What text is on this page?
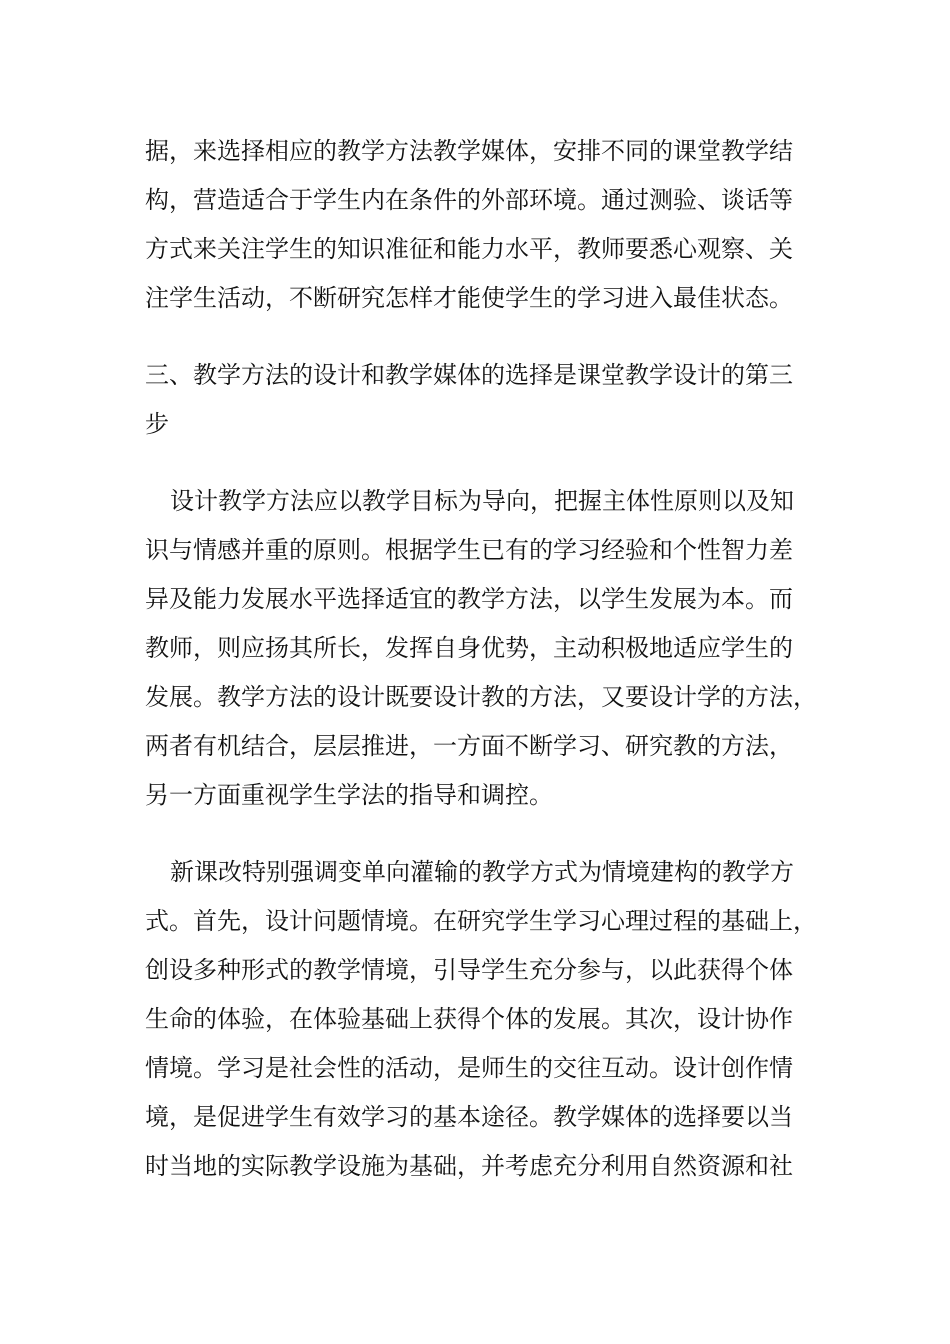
据，来选择相应的教学方法教学媒体，安排不同的课堂教学结
构，营造适合于学生内在条件的外部环境。通过测验、谈话等
方式来关注学生的知识准征和能力水平，教师要悉心观察、关
注学生活动，不断研究怎样才能使学生的学习进入最佳状态。
三、教学方法的设计和教学媒体的选择是课堂教学设计的第三
步
设计教学方法应以教学目标为导向，把握主体性原则以及知
识与情感并重的原则。根据学生已有的学习经验和个性智力差
异及能力发展水平选择适宜的教学方法，以学生发展为本。而
教师，则应扬其所长，发挥自身优势，主动积极地适应学生的
发展。教学方法的设计既要设计教的方法，又要设计学的方法，
两者有机结合，层层推进，一方面不断学习、研究教的方法，
另一方面重视学生学法的指导和调控。
新课改特别强调变单向灌输的教学方式为情境建构的教学方
式。首先，设计问题情境。在研究学生学习心理过程的基础上，
创设多种形式的教学情境，引导学生充分参与，以此获得个体
生命的体验，在体验基础上获得个体的发展。其次，设计协作
情境。学习是社会性的活动，是师生的交往互动。设计创作情
境，是促进学生有效学习的基本途径。教学媒体的选择要以当
时当地的实际教学设施为基础，并考虑充分利用自然资源和社
